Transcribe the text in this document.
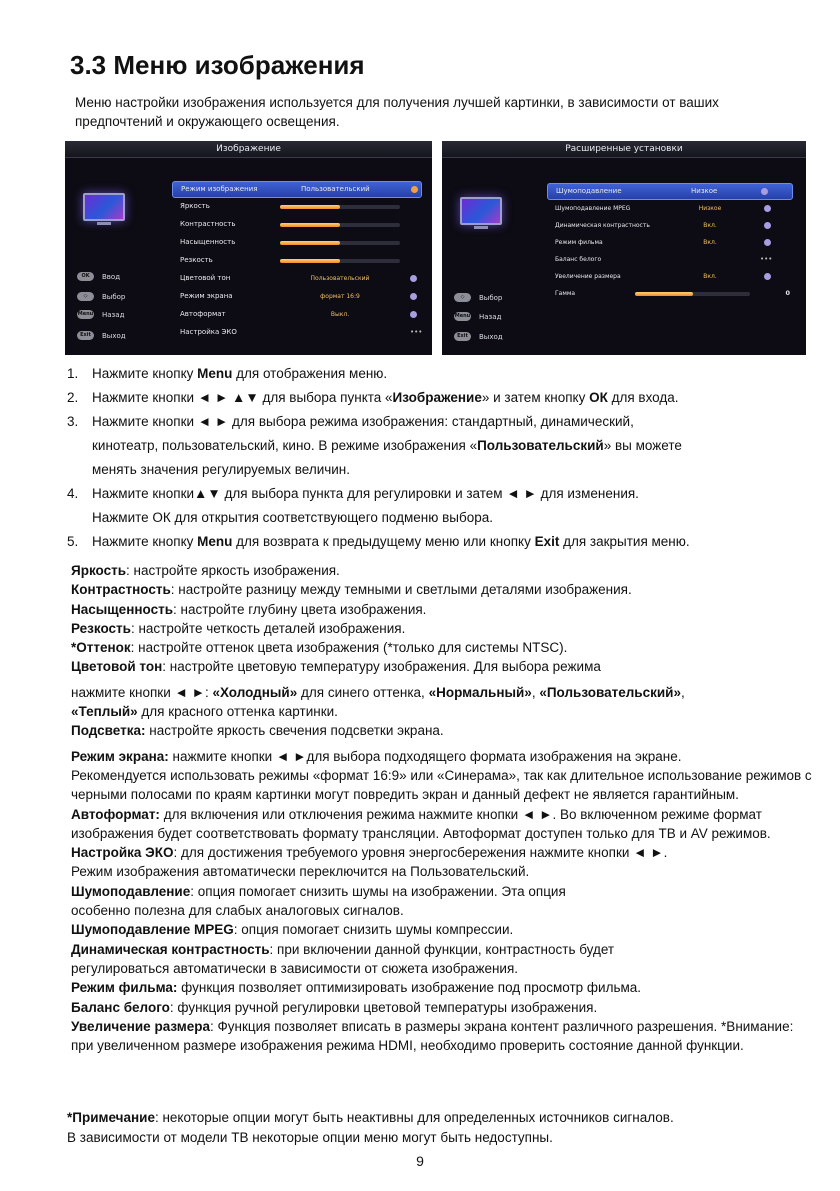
3.3 Меню изображения

Меню настройки изображения используется для получения лучшей картинки, в зависимости от ваших предпочтений и окружающего освещения.

Изображение
OK	Ввод
◇	Выбор
Menu Назад
Exit	Выход
Режим изображения	Пользовательский
Яркость
Контрастность
Насыщенность
Резкость
Цветовой тон	Пользовательский
Режим экрана	формат 16:9
Автоформат	Выкл.
Настройка ЭКО	•••
Расширенные установки
◇	Выбор
Menu Назад
Exit	Выход
Шумоподавление	Низкое
Шумоподавление MPEG	Низкое
Динамическая контрастность	Вкл.
Режим фильма	Вкл.
Баланс белого	•••
Увеличение размера	Вкл.
Гамма	0
1.	Нажмите кнопку Menu для отображения меню.
2.	Нажмите кнопки ◄ ► ▲▼ для выбора пункта «Изображение» и затем кнопку ОК для входа.
3.	Нажмите кнопки ◄ ► для выбора режима изображения: стандартный, динамический,
кинотеатр, пользовательский, кино. В режиме изображения «Пользовательский» вы можете
менять значения регулируемых величин.
4.	Нажмите кнопки▲▼ для выбора пункта для регулировки и затем ◄ ► для изменения.
Нажмите ОК для открытия соответствующего подменю выбора.
5.	Нажмите кнопку Menu для возврата к предыдущему меню или кнопку Exit для закрытия меню.

Яркость: настройте яркость изображения.

Контрастность: настройте разницу между темными и светлыми деталями изображения.

Насыщенность: настройте глубину цвета изображения.

Резкость: настройте четкость деталей изображения.

*Оттенок: настройте оттенок цвета изображения (*только для системы NTSC).

Цветовой тон: настройте цветовую температуру изображения. Для выбора режима

нажмите кнопки ◄ ►: «Холодный» для синего оттенка, «Нормальный», «Пользовательский»,

«Теплый» для красного оттенка картинки.

Подсветка: настройте яркость свечения подсветки экрана.

Режим экрана: нажмите кнопки ◄ ►для выбора подходящего формата изображения на экране.

Рекомендуется использовать режимы «формат 16:9» или «Синерама», так как длительное использование режимов с черными полосами по краям картинки могут повредить экран и данный дефект не является гарантийным.

Автоформат: для включения или отключения режима нажмите кнопки ◄ ►. Во включенном режиме формат изображения будет соответствовать формату трансляции. Автоформат доступен только для ТВ и AV режимов.

Настройка ЭКО: для достижения требуемого уровня энергосбережения нажмите кнопки ◄ ►.

Режим изображения автоматически переключится на Пользовательский.

Шумоподавление: опция помогает снизить шумы на изображении. Эта опция

особенно полезна для слабых аналоговых сигналов.

Шумоподавление MPEG: опция помогает снизить шумы компрессии.

Динамическая контрастность: при включении данной функции, контрастность будет

регулироваться автоматически в зависимости от сюжета изображения.

Режим фильма: функция позволяет оптимизировать изображение под просмотр фильма.

Баланс белого: функция ручной регулировки цветовой температуры изображения.

Увеличение размера: Функция позволяет вписать в размеры экрана контент различного разрешения. *Внимание: при увеличенном размере изображения режима HDMI, необходимо проверить состояние данной функции.

*Примечание: некоторые опции могут быть неактивны для определенных источников сигналов.

В зависимости от модели ТВ некоторые опции меню могут быть недоступны.

9
